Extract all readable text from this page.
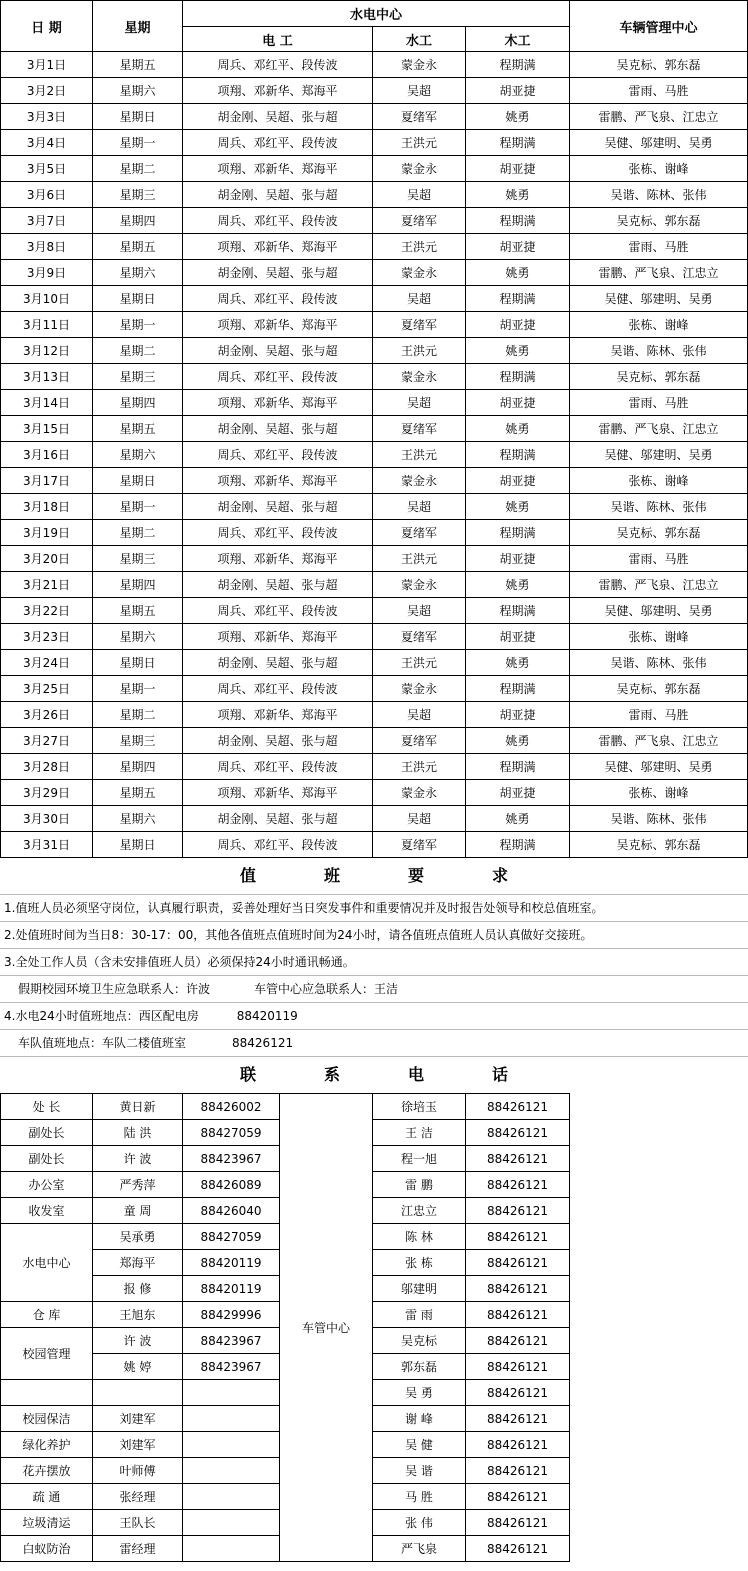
日 期	星期	水电中心			车辆管理中心
		电 工	水工	木工	
3月1日	星期五	周兵、邓红平、段传波	蒙金永	程期满	吴克标、郭东磊
3月2日	星期六	项翔、邓新华、郑海平	吴超	胡亚捷	雷雨、马胜
3月3日	星期日	胡金刚、吴超、张与超	夏绪军	姚勇	雷鹏、严飞泉、江忠立
3月4日	星期一	周兵、邓红平、段传波	王洪元	程期满	吴健、邬建明、吴勇
3月5日	星期二	项翔、邓新华、郑海平	蒙金永	胡亚捷	张栋、谢峰
3月6日	星期三	胡金刚、吴超、张与超	吴超	姚勇	吴谐、陈林、张伟
3月7日	星期四	周兵、邓红平、段传波	夏绪军	程期满	吴克标、郭东磊
3月8日	星期五	项翔、邓新华、郑海平	王洪元	胡亚捷	雷雨、马胜
3月9日	星期六	胡金刚、吴超、张与超	蒙金永	姚勇	雷鹏、严飞泉、江忠立
3月10日	星期日	周兵、邓红平、段传波	吴超	程期满	吴健、邬建明、吴勇
3月11日	星期一	项翔、邓新华、郑海平	夏绪军	胡亚捷	张栋、谢峰
3月12日	星期二	胡金刚、吴超、张与超	王洪元	姚勇	吴谐、陈林、张伟
3月13日	星期三	周兵、邓红平、段传波	蒙金永	程期满	吴克标、郭东磊
3月14日	星期四	项翔、邓新华、郑海平	吴超	胡亚捷	雷雨、马胜
3月15日	星期五	胡金刚、吴超、张与超	夏绪军	姚勇	雷鹏、严飞泉、江忠立
3月16日	星期六	周兵、邓红平、段传波	王洪元	程期满	吴健、邬建明、吴勇
3月17日	星期日	项翔、邓新华、郑海平	蒙金永	胡亚捷	张栋、谢峰
3月18日	星期一	胡金刚、吴超、张与超	吴超	姚勇	吴谐、陈林、张伟
3月19日	星期二	周兵、邓红平、段传波	夏绪军	程期满	吴克标、郭东磊
3月20日	星期三	项翔、邓新华、郑海平	王洪元	胡亚捷	雷雨、马胜
3月21日	星期四	胡金刚、吴超、张与超	蒙金永	姚勇	雷鹏、严飞泉、江忠立
3月22日	星期五	周兵、邓红平、段传波	吴超	程期满	吴健、邬建明、吴勇
3月23日	星期六	项翔、邓新华、郑海平	夏绪军	胡亚捷	张栋、谢峰
3月24日	星期日	胡金刚、吴超、张与超	王洪元	姚勇	吴谐、陈林、张伟
3月25日	星期一	周兵、邓红平、段传波	蒙金永	程期满	吴克标、郭东磊
3月26日	星期二	项翔、邓新华、郑海平	吴超	胡亚捷	雷雨、马胜
3月27日	星期三	胡金刚、吴超、张与超	夏绪军	姚勇	雷鹏、严飞泉、江忠立
3月28日	星期四	周兵、邓红平、段传波	王洪元	程期满	吴健、邬建明、吴勇
3月29日	星期五	项翔、邓新华、郑海平	蒙金永	胡亚捷	张栋、谢峰
3月30日	星期六	胡金刚、吴超、张与超	吴超	姚勇	吴谐、陈林、张伟
3月31日	星期日	周兵、邓红平、段传波	夏绪军	程期满	吴克标、郭东磊
值	班	要	求
1.值班人员必须坚守岗位，认真履行职责，妥善处理好当日突发事件和重要情况并及时报告处领导和校总值班室。
2.处值班时间为当日8：30-17：00，其他各值班点值班时间为24小时，请各值班点值班人员认真做好交接班。
3.全处工作人员（含未安排值班人员）必须保持24小时通讯畅通。
假期校园环境卫生应急联系人：许波	车管中心应急联系人：王洁
4.水电24小时值班地点：西区配电房	88420119
车队值班地点：车队二楼值班室	88426121
联	系	电	话
处 长	黄日新	88426002	车管中心	徐培玉	88426121
副处长	陆 洪	88427059		王 洁	88426121
副处长	许 波	88423967		程一旭	88426121
办公室	严秀萍	88426089		雷 鹏	88426121
收发室	童 周	88426040		江忠立	88426121
水电中心	吴承勇	88427059		陈 林	88426121
	郑海平	88420119		张 栋	88426121
	报 修	88420119		邬建明	88426121
仓 库	王旭东	88429996		雷 雨	88426121
校园管理	许 波	88423967		吴克标	88426121
	姚 婷	88423967		郭东磊	88426121
				吴 勇	88426121
校园保洁	刘建军			谢 峰	88426121
绿化养护	刘建军			吴 健	88426121
花卉摆放	叶师傅			吴 谐	88426121
疏 通	张经理			马 胜	88426121
垃圾清运	王队长			张 伟	88426121
白蚁防治	雷经理			严飞泉	88426121
